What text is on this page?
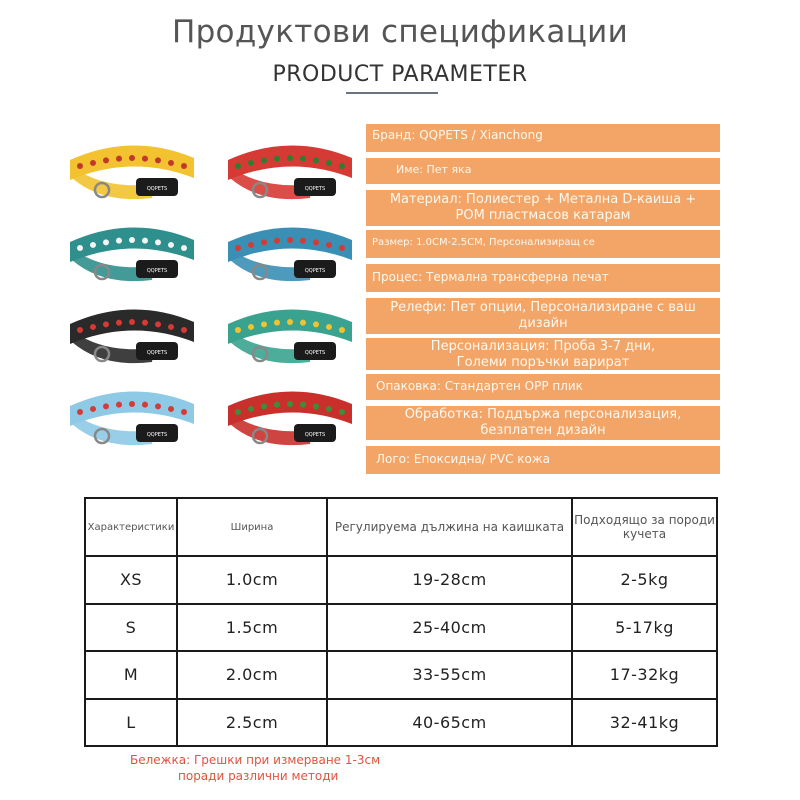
Продуктови спецификации
PRODUCT PARAMETER
QQPETS	QQPETS
QQPETS	QQPETS
QQPETS	QQPETS
QQPETS	QQPETS
Бранд: QQPETS / Xianchong
Име: Пет яка
Материал: Полиестер + Метална D-каиша + POM пластмасов катарам
Размер: 1.0CM-2.5CM, Персонализиращ се
Процес: Термална трансферна печат
Релефи: Пет опции, Персонализиране с ваш дизайн
Персонализация: Проба 3-7 дни, Големи поръчки варират
Опаковка: Стандартен OPP плик
Обработка: Поддържа персонализация, безплатен дизайн
Лого: Епоксидна/ PVC кожа
Характеристики	Ширина	Регулируема дължина на каишката	Подходящо за породи кучета
XS	1.0cm	19-28cm	2-5kg
S	1.5cm	25-40cm	5-17kg
M	2.0cm	33-55cm	17-32kg
L	2.5cm	40-65cm	32-41kg
Бележка: Грешки при измерване 1-3см
поради различни методи
